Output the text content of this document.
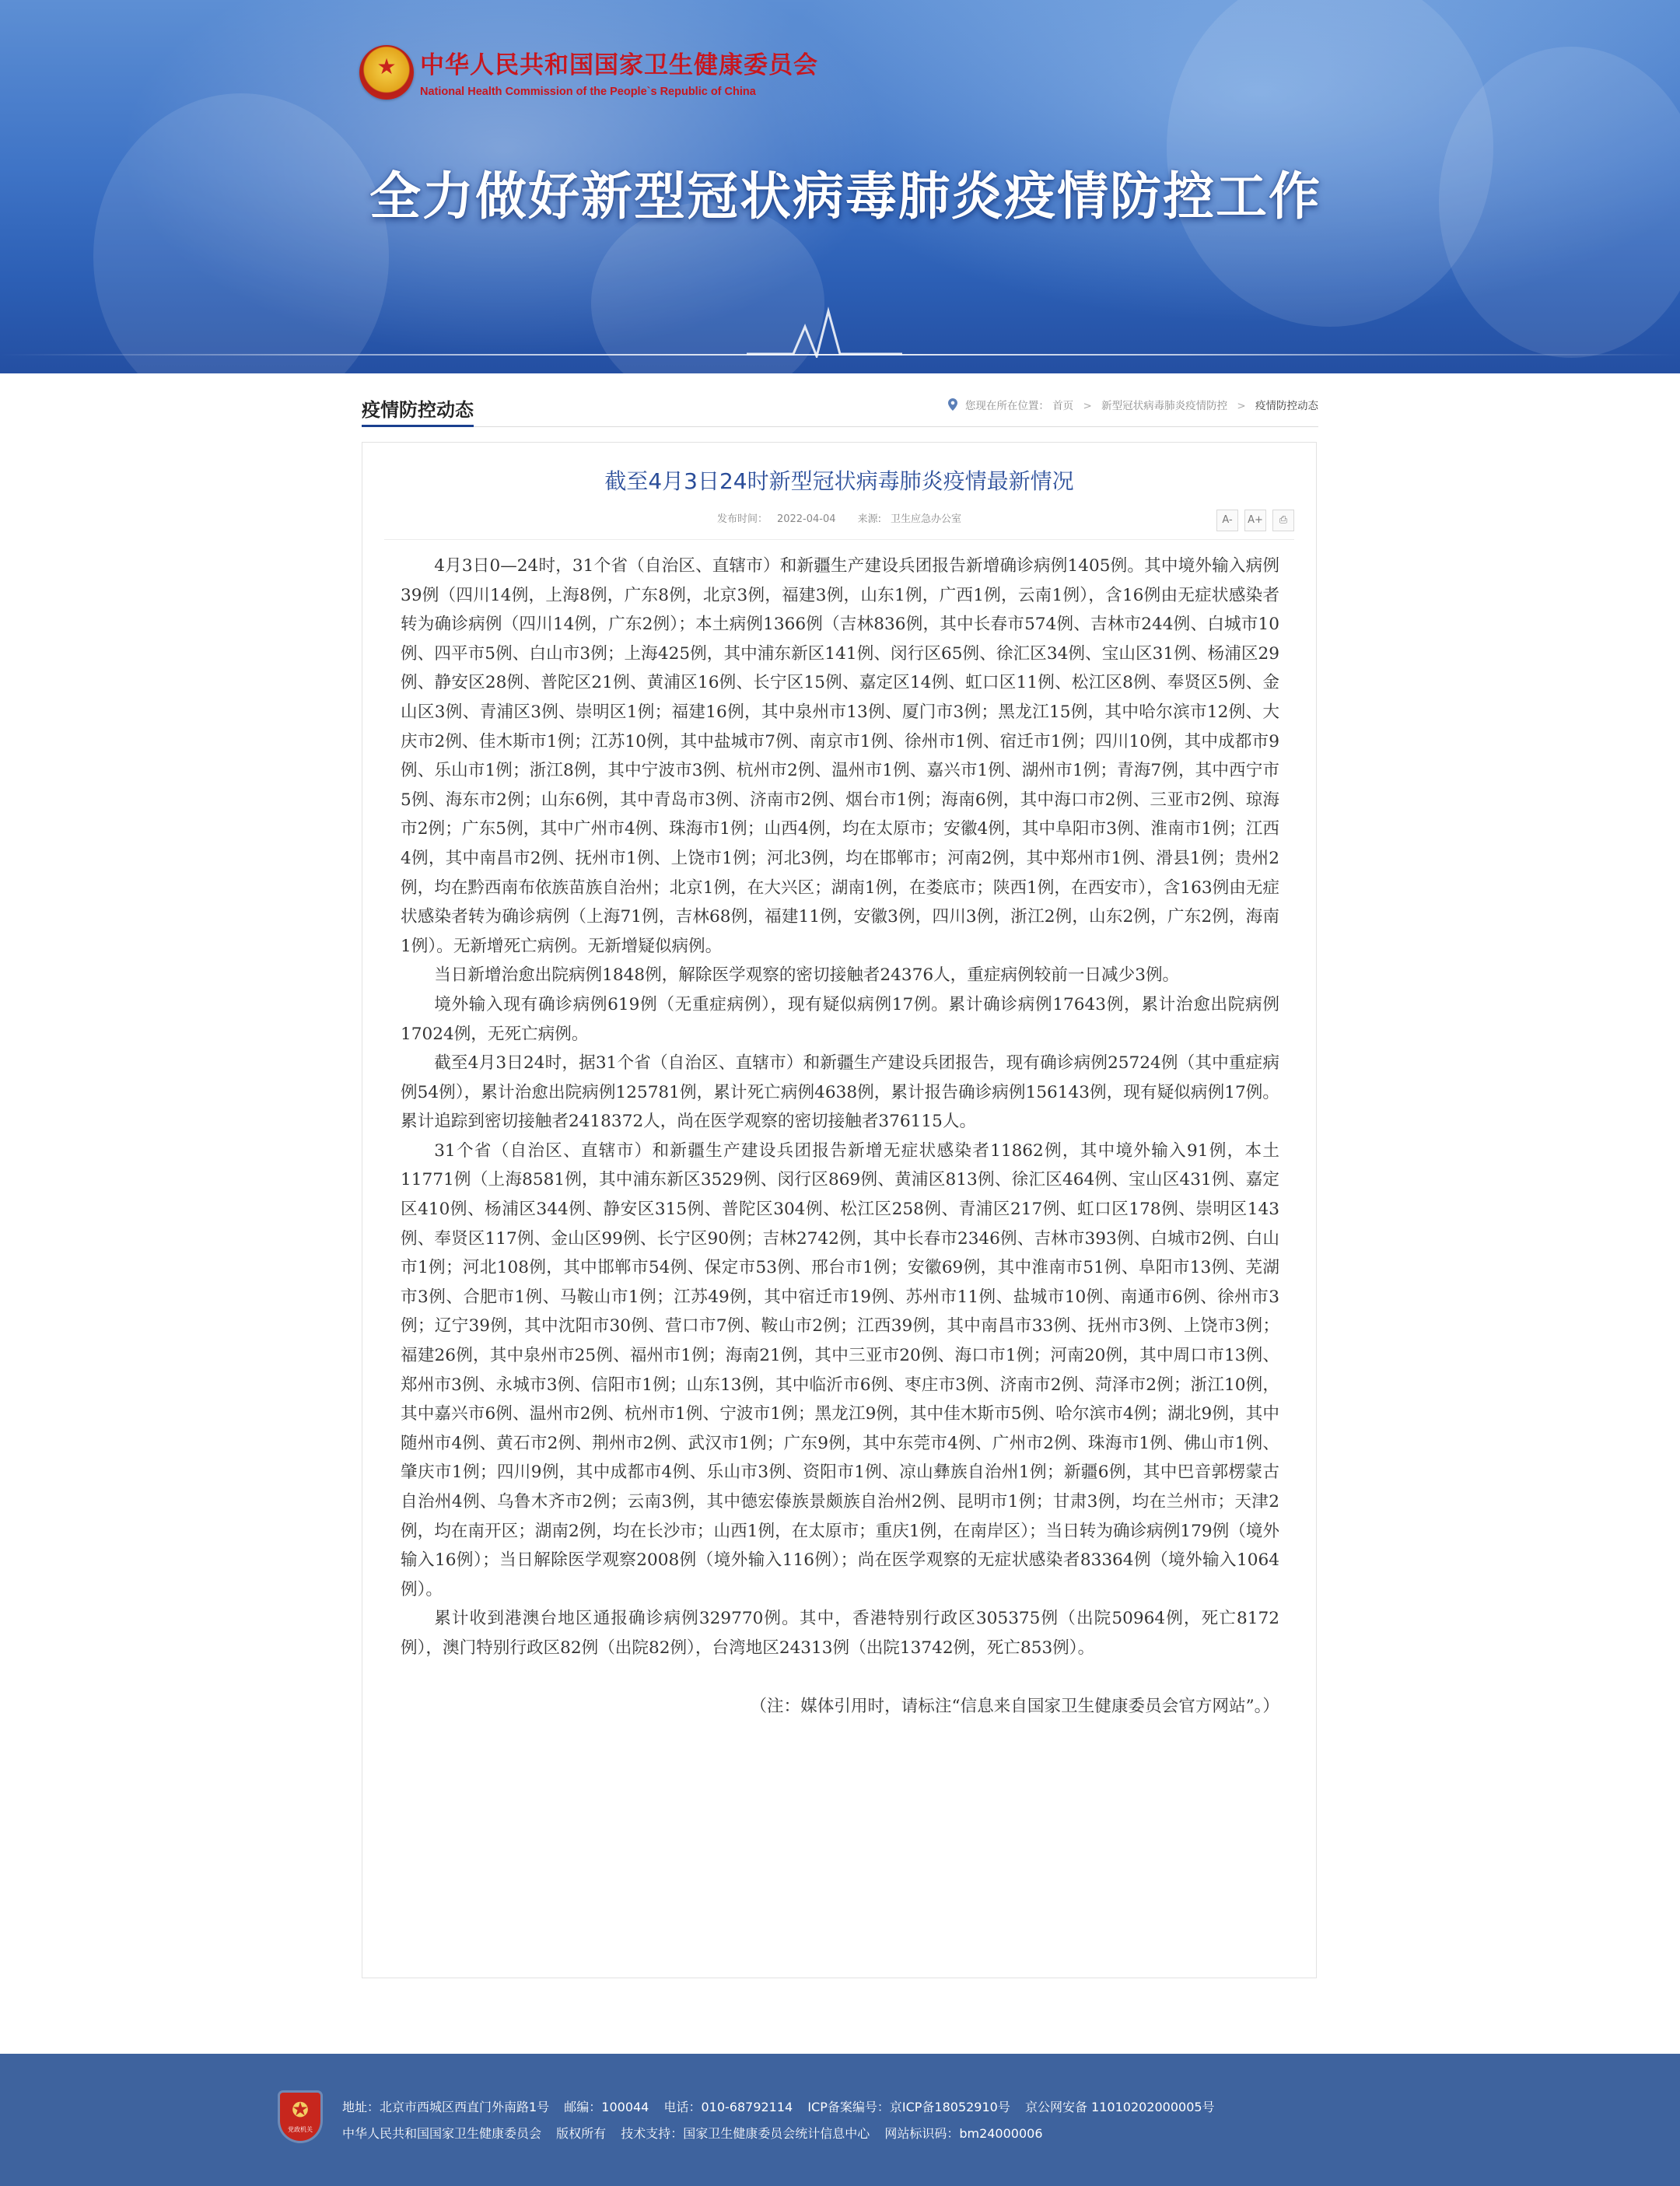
★ 中华人民共和国国家卫生健康委员会
National Health Commission of the People`s Republic of China
全力做好新型冠状病毒肺炎疫情防控工作
疫情防控动态	您现在所在位置： 首页 > 新型冠状病毒肺炎疫情防控 > 疫情防控动态
截至4月3日24时新型冠状病毒肺炎疫情最新情况
发布时间： 2022-04-04 来源: 卫生应急办公室	A- A+ ⎙

4月3日0—24时，31个省（自治区、直辖市）和新疆生产建设兵团报告新增确诊病例1405例。其中境外输入病例39例（四川14例，上海8例，广东8例，北京3例，福建3例，山东1例，广西1例，云南1例），含16例由无症状感染者转为确诊病例（四川14例，广东2例）；本土病例1366例（吉林836例，其中长春市574例、吉林市244例、白城市10例、四平市5例、白山市3例；上海425例，其中浦东新区141例、闵行区65例、徐汇区34例、宝山区31例、杨浦区29例、静安区28例、普陀区21例、黄浦区16例、长宁区15例、嘉定区14例、虹口区11例、松江区8例、奉贤区5例、金山区3例、青浦区3例、崇明区1例；福建16例，其中泉州市13例、厦门市3例；黑龙江15例，其中哈尔滨市12例、大庆市2例、佳木斯市1例；江苏10例，其中盐城市7例、南京市1例、徐州市1例、宿迁市1例；四川10例，其中成都市9例、乐山市1例；浙江8例，其中宁波市3例、杭州市2例、温州市1例、嘉兴市1例、湖州市1例；青海7例，其中西宁市5例、海东市2例；山东6例，其中青岛市3例、济南市2例、烟台市1例；海南6例，其中海口市2例、三亚市2例、琼海市2例；广东5例，其中广州市4例、珠海市1例；山西4例，均在太原市；安徽4例，其中阜阳市3例、淮南市1例；江西4例，其中南昌市2例、抚州市1例、上饶市1例；河北3例，均在邯郸市；河南2例，其中郑州市1例、滑县1例；贵州2例，均在黔西南布依族苗族自治州；北京1例，在大兴区；湖南1例，在娄底市；陕西1例，在西安市），含163例由无症状感染者转为确诊病例（上海71例，吉林68例，福建11例，安徽3例，四川3例，浙江2例，山东2例，广东2例，海南1例）。无新增死亡病例。无新增疑似病例。

当日新增治愈出院病例1848例，解除医学观察的密切接触者24376人，重症病例较前一日减少3例。

境外输入现有确诊病例619例（无重症病例），现有疑似病例17例。累计确诊病例17643例，累计治愈出院病例17024例，无死亡病例。

截至4月3日24时，据31个省（自治区、直辖市）和新疆生产建设兵团报告，现有确诊病例25724例（其中重症病例54例），累计治愈出院病例125781例，累计死亡病例4638例，累计报告确诊病例156143例，现有疑似病例17例。累计追踪到密切接触者2418372人，尚在医学观察的密切接触者376115人。

31个省（自治区、直辖市）和新疆生产建设兵团报告新增无症状感染者11862例，其中境外输入91例，本土11771例（上海8581例，其中浦东新区3529例、闵行区869例、黄浦区813例、徐汇区464例、宝山区431例、嘉定区410例、杨浦区344例、静安区315例、普陀区304例、松江区258例、青浦区217例、虹口区178例、崇明区143例、奉贤区117例、金山区99例、长宁区90例；吉林2742例，其中长春市2346例、吉林市393例、白城市2例、白山市1例；河北108例，其中邯郸市54例、保定市53例、邢台市1例；安徽69例，其中淮南市51例、阜阳市13例、芜湖市3例、合肥市1例、马鞍山市1例；江苏49例，其中宿迁市19例、苏州市11例、盐城市10例、南通市6例、徐州市3例；辽宁39例，其中沈阳市30例、营口市7例、鞍山市2例；江西39例，其中南昌市33例、抚州市3例、上饶市3例；福建26例，其中泉州市25例、福州市1例；海南21例，其中三亚市20例、海口市1例；河南20例，其中周口市13例、郑州市3例、永城市3例、信阳市1例；山东13例，其中临沂市6例、枣庄市3例、济南市2例、菏泽市2例；浙江10例，其中嘉兴市6例、温州市2例、杭州市1例、宁波市1例；黑龙江9例，其中佳木斯市5例、哈尔滨市4例；湖北9例，其中随州市4例、黄石市2例、荆州市2例、武汉市1例；广东9例，其中东莞市4例、广州市2例、珠海市1例、佛山市1例、肇庆市1例；四川9例，其中成都市4例、乐山市3例、资阳市1例、凉山彝族自治州1例；新疆6例，其中巴音郭楞蒙古自治州4例、乌鲁木齐市2例；云南3例，其中德宏傣族景颇族自治州2例、昆明市1例；甘肃3例，均在兰州市；天津2例，均在南开区；湖南2例，均在长沙市；山西1例，在太原市；重庆1例，在南岸区）；当日转为确诊病例179例（境外输入16例）；当日解除医学观察2008例（境外输入116例）；尚在医学观察的无症状感染者83364例（境外输入1064例）。

累计收到港澳台地区通报确诊病例329770例。其中，香港特别行政区305375例（出院50964例，死亡8172例），澳门特别行政区82例（出院82例），台湾地区24313例（出院13742例，死亡853例）。

（注：媒体引用时，请标注“信息来自国家卫生健康委员会官方网站”。）

✪
党政机关
地址：北京市西城区西直门外南路1号 邮编：100044 电话：010-68792114 ICP备案编号：京ICP备18052910号 京公网安备 11010202000005号
中华人民共和国国家卫生健康委员会 版权所有 技术支持：国家卫生健康委员会统计信息中心 网站标识码：bm24000006
